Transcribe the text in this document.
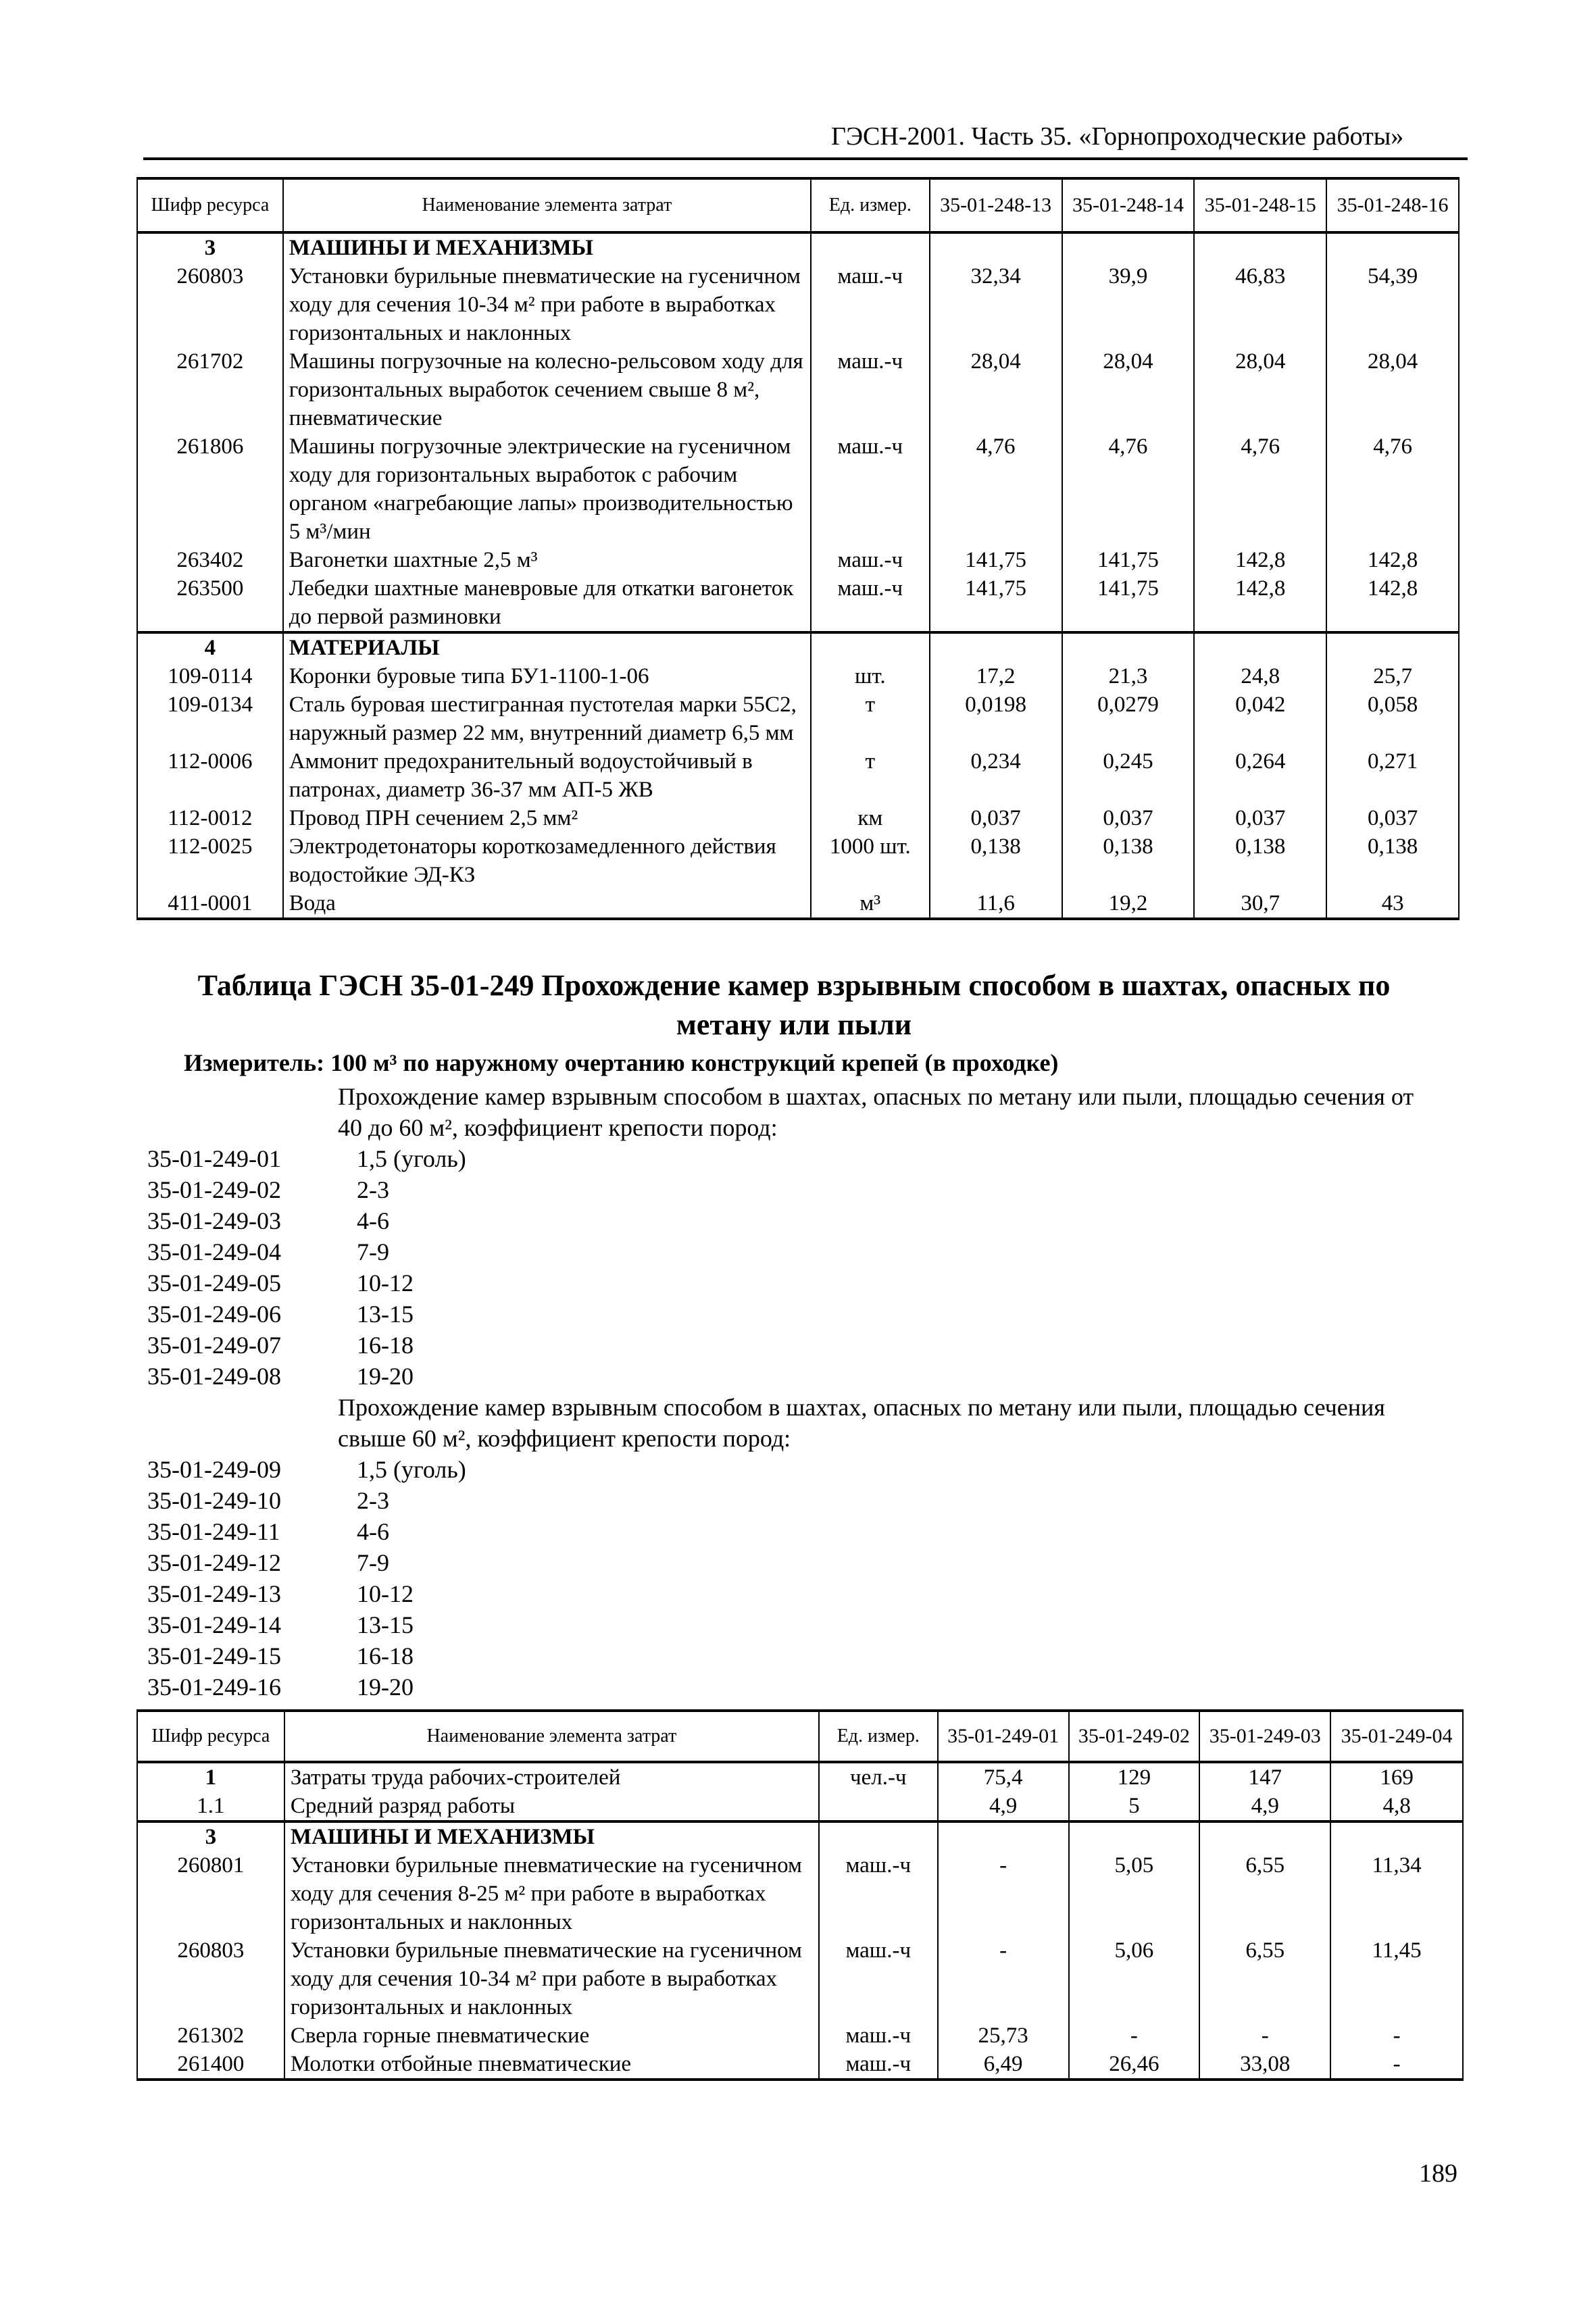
ГЭСН-2001. Часть 35. «Горнопроходческие работы»
Шифр ресурса	Наименование элемента затрат	Ед. измер.	35-01-248-13	35-01-248-14	35-01-248-15	35-01-248-16
3	МАШИНЫ И МЕХАНИЗМЫ					
260803	Установки бурильные пневматические на гусеничном ходу для сечения 10-34 м² при работе в выработках горизонтальных и наклонных	маш.-ч	32,34	39,9	46,83	54,39
261702	Машины погрузочные на колесно-рельсовом ходу для горизонтальных выработок сечением свыше 8 м², пневматические	маш.-ч	28,04	28,04	28,04	28,04
261806	Машины погрузочные электрические на гусеничном ходу для горизонтальных выработок с рабочим органом «нагребающие лапы» производительностью 5 м³/мин	маш.-ч	4,76	4,76	4,76	4,76
263402	Вагонетки шахтные 2,5 м³	маш.-ч	141,75	141,75	142,8	142,8
263500	Лебедки шахтные маневровые для откатки вагонеток до первой разминовки	маш.-ч	141,75	141,75	142,8	142,8
4	МАТЕРИАЛЫ					
109-0114	Коронки буровые типа БУ1-1100-1-06	шт.	17,2	21,3	24,8	25,7
109-0134	Сталь буровая шестигранная пустотелая марки 55С2, наружный размер 22 мм, внутренний диаметр 6,5 мм	т	0,0198	0,0279	0,042	0,058
112-0006	Аммонит предохранительный водоустойчивый в патронах, диаметр 36-37 мм АП-5 ЖВ	т	0,234	0,245	0,264	0,271
112-0012	Провод ПРН сечением 2,5 мм²	км	0,037	0,037	0,037	0,037
112-0025	Электродетонаторы короткозамедленного действия водостойкие ЭД-КЗ	1000 шт.	0,138	0,138	0,138	0,138
411-0001	Вода	м³	11,6	19,2	30,7	43
Таблица ГЭСН 35-01-249 Прохождение камер взрывным способом в шахтах, опасных по метану или пыли
Измеритель: 100 м³ по наружному очертанию конструкций крепей (в проходке)
Прохождение камер взрывным способом в шахтах, опасных по метану или пыли, площадью сечения от 40 до 60 м², коэффициент крепости пород:
35-01-249-01	1,5 (уголь)
35-01-249-02	2-3
35-01-249-03	4-6
35-01-249-04	7-9
35-01-249-05	10-12
35-01-249-06	13-15
35-01-249-07	16-18
35-01-249-08	19-20
Прохождение камер взрывным способом в шахтах, опасных по метану или пыли, площадью сечения свыше 60 м², коэффициент крепости пород:
35-01-249-09	1,5 (уголь)
35-01-249-10	2-3
35-01-249-11	4-6
35-01-249-12	7-9
35-01-249-13	10-12
35-01-249-14	13-15
35-01-249-15	16-18
35-01-249-16	19-20
Шифр ресурса	Наименование элемента затрат	Ед. измер.	35-01-249-01	35-01-249-02	35-01-249-03	35-01-249-04
1	Затраты труда рабочих-строителей	чел.-ч	75,4	129	147	169
1.1	Средний разряд работы		4,9	5	4,9	4,8
3	МАШИНЫ И МЕХАНИЗМЫ					
260801	Установки бурильные пневматические на гусеничном ходу для сечения 8-25 м² при работе в выработках горизонтальных и наклонных	маш.-ч	-	5,05	6,55	11,34
260803	Установки бурильные пневматические на гусеничном ходу для сечения 10-34 м² при работе в выработках горизонтальных и наклонных	маш.-ч	-	5,06	6,55	11,45
261302	Сверла горные пневматические	маш.-ч	25,73	-	-	-
261400	Молотки отбойные пневматические	маш.-ч	6,49	26,46	33,08	-
189
